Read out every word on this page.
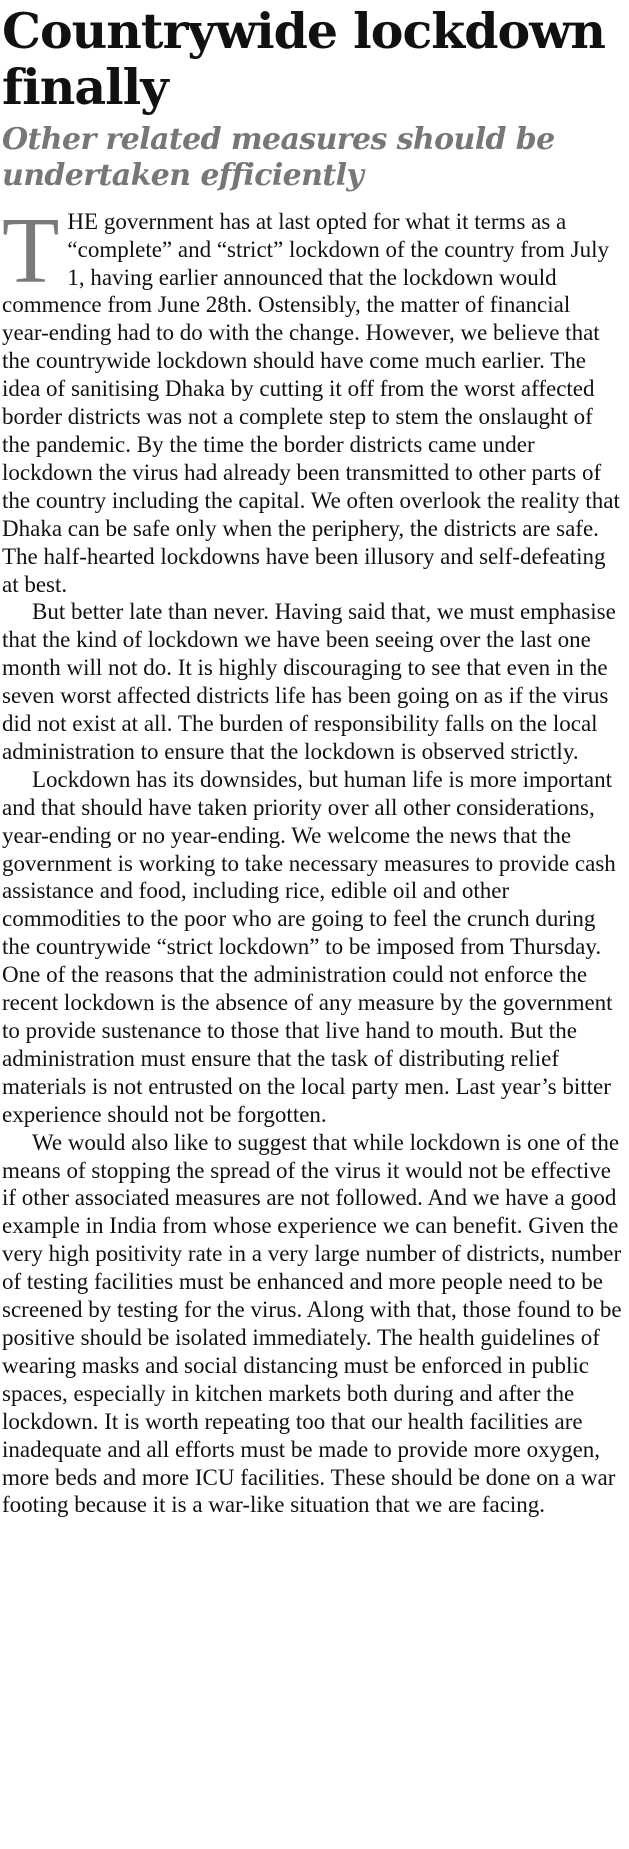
Countrywide lockdown finally
Other related measures should be undertaken efficiently

THE government has at last opted for what it terms as a “complete” and “strict” lockdown of the country from July 1, having earlier announced that the lockdown would commence from June 28th. Ostensibly, the matter of financial year-ending had to do with the change. However, we believe that the countrywide lockdown should have come much earlier. The idea of sanitising Dhaka by cutting it off from the worst affected border districts was not a complete step to stem the onslaught of the pandemic. By the time the border districts came under lockdown the virus had already been transmitted to other parts of the country including the capital. We often overlook the reality that Dhaka can be safe only when the periphery, the districts are safe. The half-hearted lockdowns have been illusory and self-defeating at best.

But better late than never. Having said that, we must emphasise that the kind of lockdown we have been seeing over the last one month will not do. It is highly discouraging to see that even in the seven worst affected districts life has been going on as if the virus did not exist at all. The burden of responsibility falls on the local administration to ensure that the lockdown is observed strictly.

Lockdown has its downsides, but human life is more important and that should have taken priority over all other considerations, year-ending or no year-ending. We welcome the news that the government is working to take necessary measures to provide cash assistance and food, including rice, edible oil and other commodities to the poor who are going to feel the crunch during the countrywide “strict lockdown” to be imposed from Thursday. One of the reasons that the administration could not enforce the recent lockdown is the absence of any measure by the government to provide sustenance to those that live hand to mouth. But the administration must ensure that the task of distributing relief materials is not entrusted on the local party men. Last year’s bitter experience should not be forgotten.

We would also like to suggest that while lockdown is one of the means of stopping the spread of the virus it would not be effective if other associated measures are not followed. And we have a good example in India from whose experience we can benefit. Given the very high positivity rate in a very large number of districts, number of testing facilities must be enhanced and more people need to be screened by testing for the virus. Along with that, those found to be positive should be isolated immediately. The health guidelines of wearing masks and social distancing must be enforced in public spaces, especially in kitchen markets both during and after the lockdown. It is worth repeating too that our health facilities are inadequate and all efforts must be made to provide more oxygen, more beds and more ICU facilities. These should be done on a war footing because it is a war-like situation that we are facing.
